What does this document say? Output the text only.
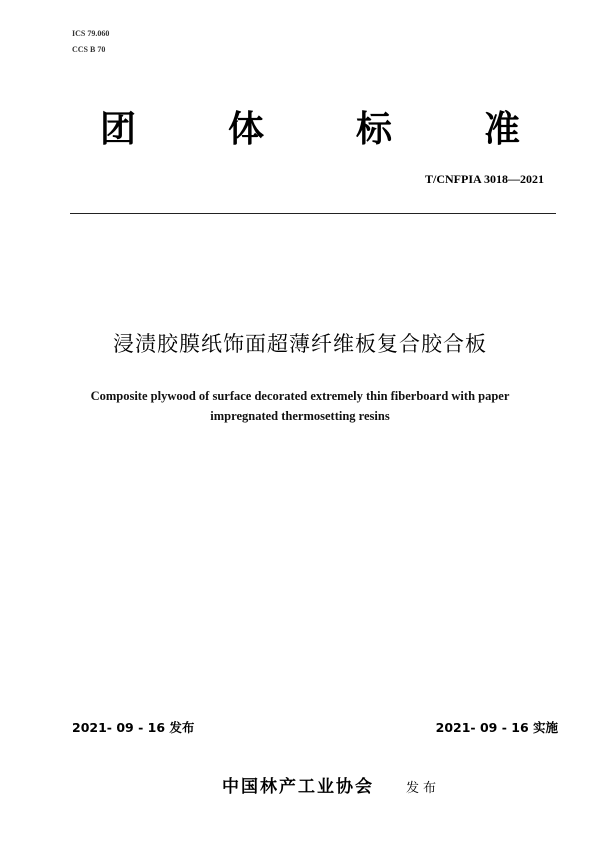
ICS 79.060
CCS B 70
团	体	标	准
T/CNFPIA 3018—2021
浸渍胶膜纸饰面超薄纤维板复合胶合板
Composite plywood of surface decorated extremely thin fiberboard with paper
impregnated thermosetting resins
2021- 09 - 16 发布	2021- 09 - 16 实施
中国林产工业协会 发布
